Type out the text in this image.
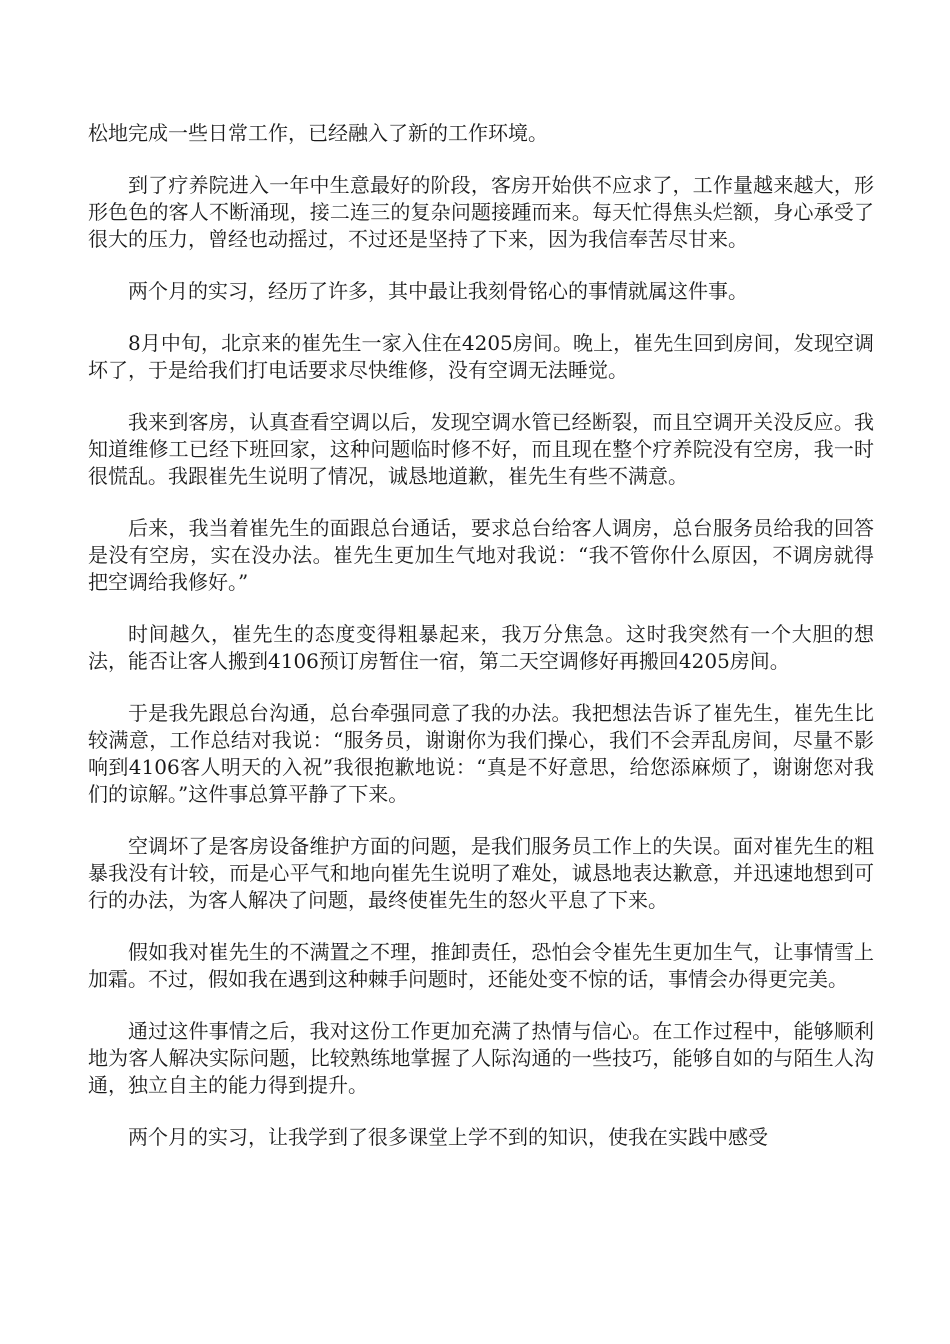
松地完成一些日常工作，已经融入了新的工作环境。

到了疗养院进入一年中生意最好的阶段，客房开始供不应求了，工作量越来越大，形形色色的客人不断涌现，接二连三的复杂问题接踵而来。每天忙得焦头烂额，身心承受了很大的压力，曾经也动摇过，不过还是坚持了下来，因为我信奉苦尽甘来。

两个月的实习，经历了许多，其中最让我刻骨铭心的事情就属这件事。

8月中旬，北京来的崔先生一家入住在4205房间。晚上，崔先生回到房间，发现空调坏了，于是给我们打电话要求尽快维修，没有空调无法睡觉。

我来到客房，认真查看空调以后，发现空调水管已经断裂，而且空调开关没反应。我知道维修工已经下班回家，这种问题临时修不好，而且现在整个疗养院没有空房，我一时很慌乱。我跟崔先生说明了情况，诚恳地道歉，崔先生有些不满意。

后来，我当着崔先生的面跟总台通话，要求总台给客人调房，总台服务员给我的回答是没有空房，实在没办法。崔先生更加生气地对我说：“我不管你什么原因，不调房就得把空调给我修好。”

时间越久，崔先生的态度变得粗暴起来，我万分焦急。这时我突然有一个大胆的想法，能否让客人搬到4106预订房暂住一宿，第二天空调修好再搬回4205房间。

于是我先跟总台沟通，总台牵强同意了我的办法。我把想法告诉了崔先生，崔先生比较满意，工作总结对我说：“服务员，谢谢你为我们操心，我们不会弄乱房间，尽量不影响到4106客人明天的入祝”我很抱歉地说：“真是不好意思，给您添麻烦了，谢谢您对我们的谅解。”这件事总算平静了下来。

空调坏了是客房设备维护方面的问题，是我们服务员工作上的失误。面对崔先生的粗暴我没有计较，而是心平气和地向崔先生说明了难处，诚恳地表达歉意，并迅速地想到可行的办法，为客人解决了问题，最终使崔先生的怒火平息了下来。

假如我对崔先生的不满置之不理，推卸责任，恐怕会令崔先生更加生气，让事情雪上加霜。不过，假如我在遇到这种棘手问题时，还能处变不惊的话，事情会办得更完美。

通过这件事情之后，我对这份工作更加充满了热情与信心。在工作过程中，能够顺利地为客人解决实际问题，比较熟练地掌握了人际沟通的一些技巧，能够自如的与陌生人沟通，独立自主的能力得到提升。

两个月的实习，让我学到了很多课堂上学不到的知识，使我在实践中感受
